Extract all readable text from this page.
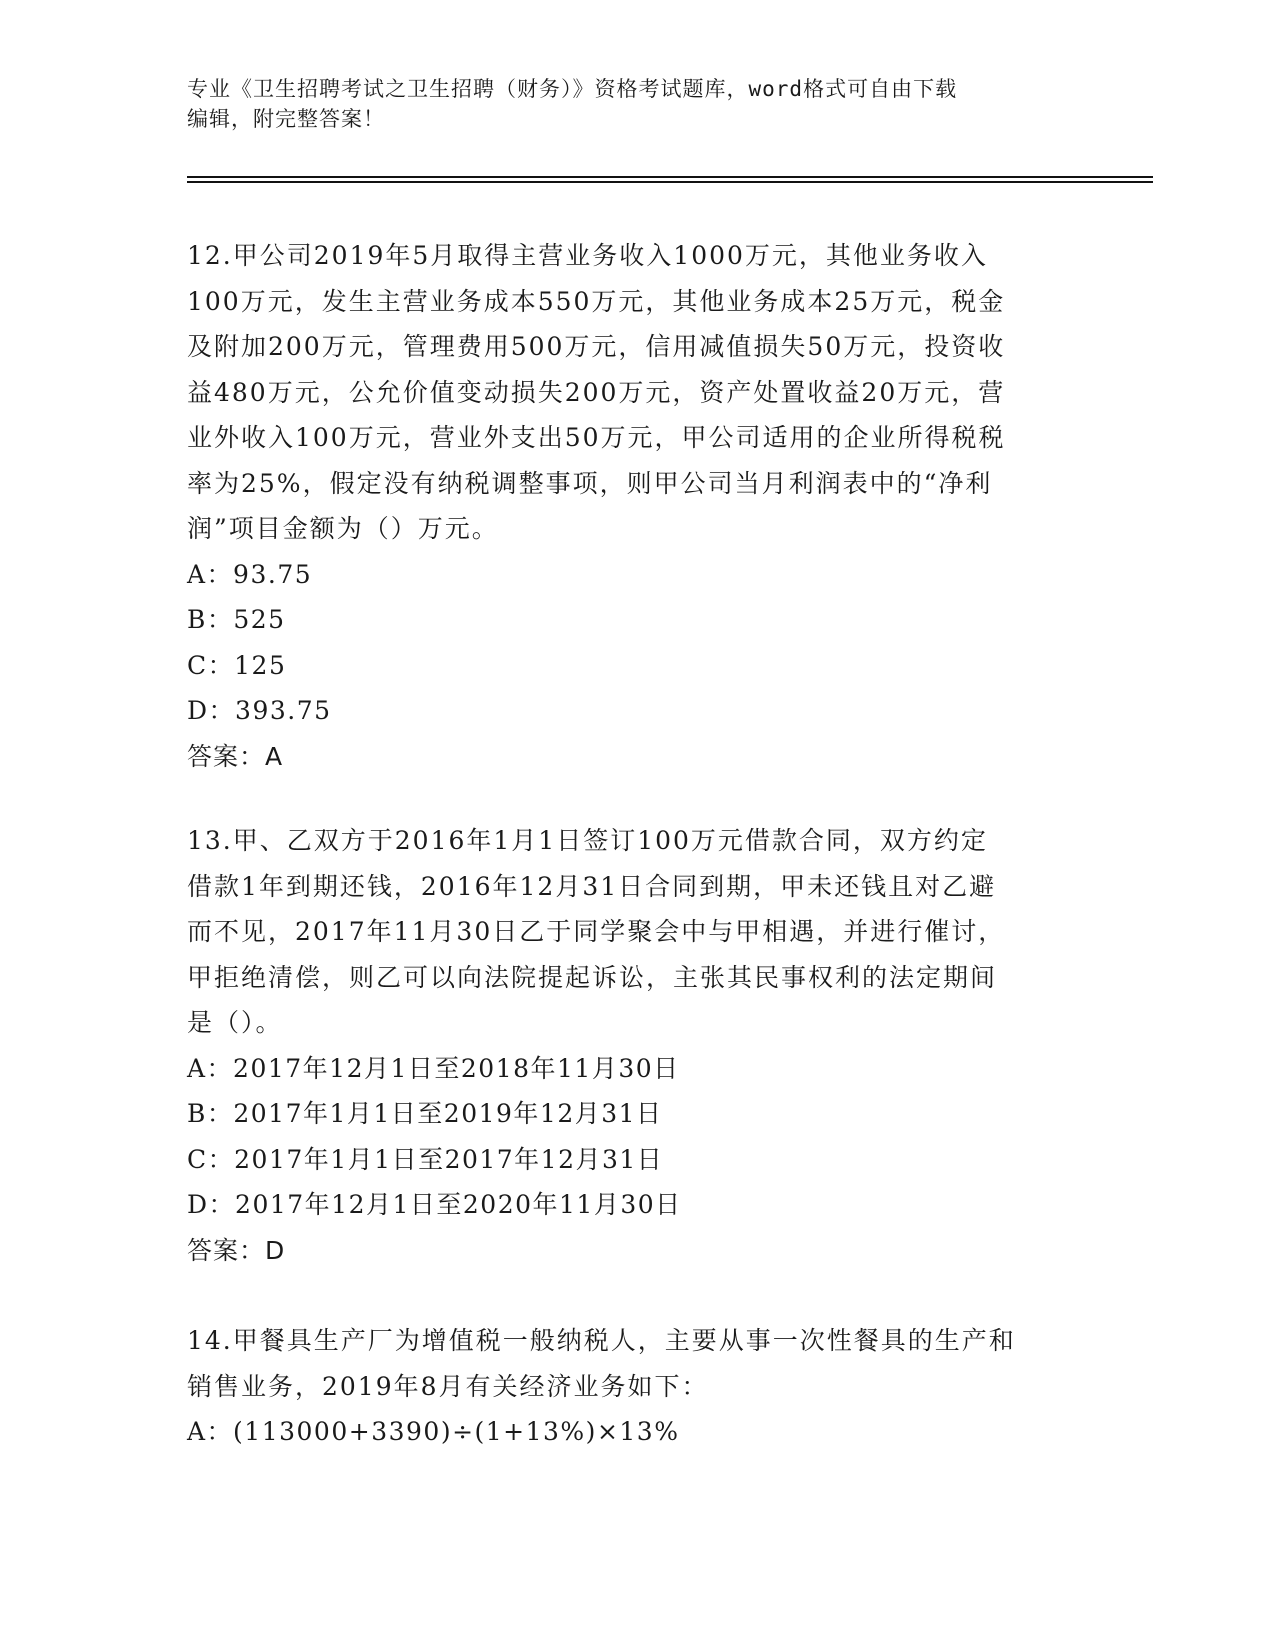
专业《卫生招聘考试之卫生招聘（财务）》资格考试题库，word格式可自由下载
编辑，附完整答案！

12.甲公司2019年5月取得主营业务收入1000万元，其他业务收入

100万元，发生主营业务成本550万元，其他业务成本25万元，税金

及附加200万元，管理费用500万元，信用减值损失50万元，投资收

益480万元，公允价值变动损失200万元，资产处置收益20万元，营

业外收入100万元，营业外支出50万元，甲公司适用的企业所得税税

率为25%，假定没有纳税调整事项，则甲公司当月利润表中的“净利

润”项目金额为（）万元。

A：93.75

B：525

C：125

D：393.75

答案：A

13.甲、乙双方于2016年1月1日签订100万元借款合同，双方约定

借款1年到期还钱，2016年12月31日合同到期，甲未还钱且对乙避

而不见，2017年11月30日乙于同学聚会中与甲相遇，并进行催讨，

甲拒绝清偿，则乙可以向法院提起诉讼，主张其民事权利的法定期间

是（）。

A：2017年12月1日至2018年11月30日

B：2017年1月1日至2019年12月31日

C：2017年1月1日至2017年12月31日

D：2017年12月1日至2020年11月30日

答案：D

14.甲餐具生产厂为增值税一般纳税人，主要从事一次性餐具的生产和

销售业务，2019年8月有关经济业务如下：

A：(113000+3390)÷(1+13%)×13%
